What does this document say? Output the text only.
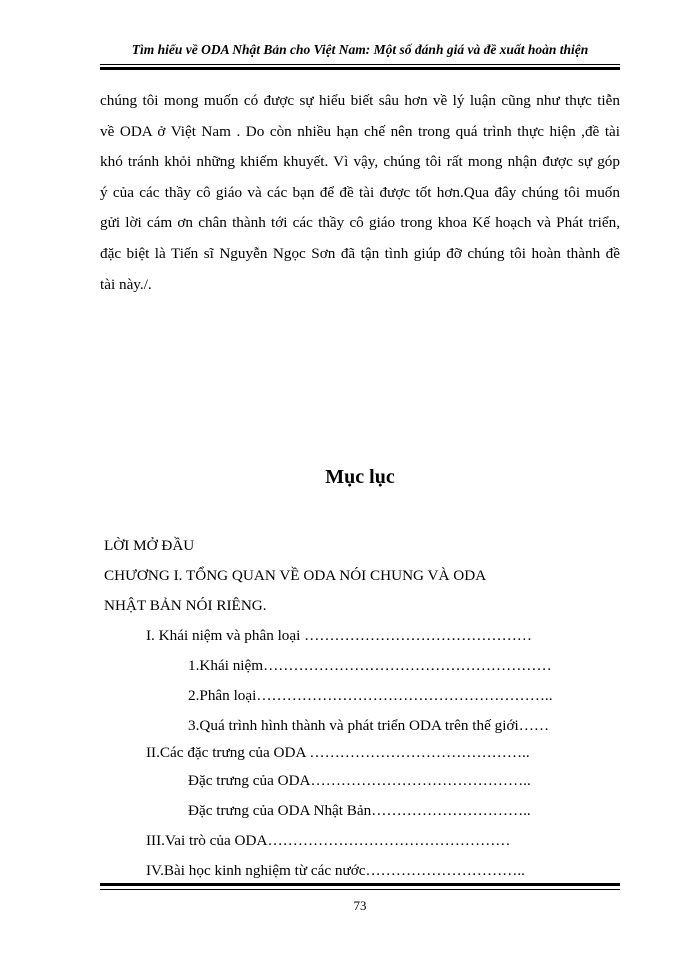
Tìm hiểu về ODA Nhật Bản cho Việt Nam: Một số đánh giá và đề xuất hoàn thiện
chúng tôi mong muốn có được sự hiểu biết sâu hơn về lý luận cũng như thực tiễn
về ODA ở Việt Nam . Do còn nhiều hạn chế nên trong quá trình thực hiện ,đề tài
khó tránh khỏi những khiếm khuyết. Vì vậy, chúng tôi rất mong nhận được sự góp
ý của các thầy cô giáo và các bạn để đề tài được tốt hơn.Qua đây chúng tôi muốn
gửi lời cám ơn chân thành tới các thầy cô giáo trong khoa Kế hoạch và Phát triển,
đặc biệt là Tiến sĩ Nguyễn Ngọc Sơn đã tận tình giúp đỡ chúng tôi hoàn thành đề
tài này./.
Mục lục
LỜI MỞ ĐẦU
CHƯƠNG I. TỔNG QUAN VỀ ODA NÓI CHUNG VÀ ODA
NHẬT BẢN NÓI RIÊNG.
I. Khái niệm và phân loại ………………………………………
1.Khái niệm…………………………………………………
2.Phân loại…………………………………………………..
3.Quá trình hình thành và phát triển ODA trên thế giới……
II.Các đặc trưng của ODA ……………………………………..
Đặc trưng của ODA……………………………………..
Đặc trưng của ODA Nhật Bản…………………………..
III.Vai trò của ODA…………………………………………
IV.Bài học kinh nghiệm từ các nước…………………………..
73
